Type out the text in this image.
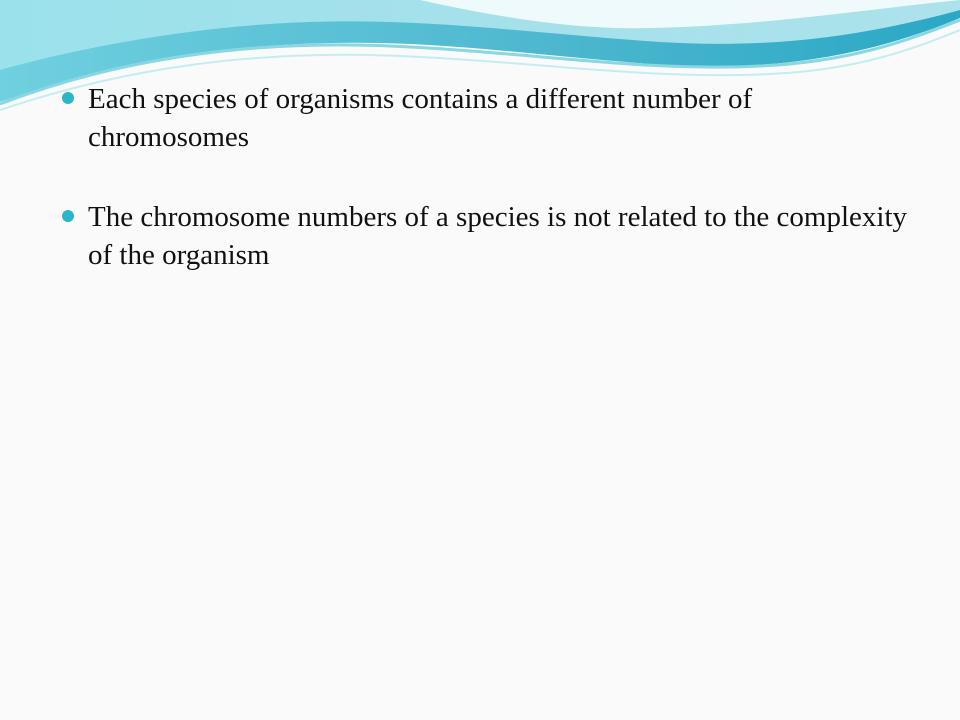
Each species of organisms contains a different number of chromosomes
The chromosome numbers of a species is not related to the complexity of the organism
